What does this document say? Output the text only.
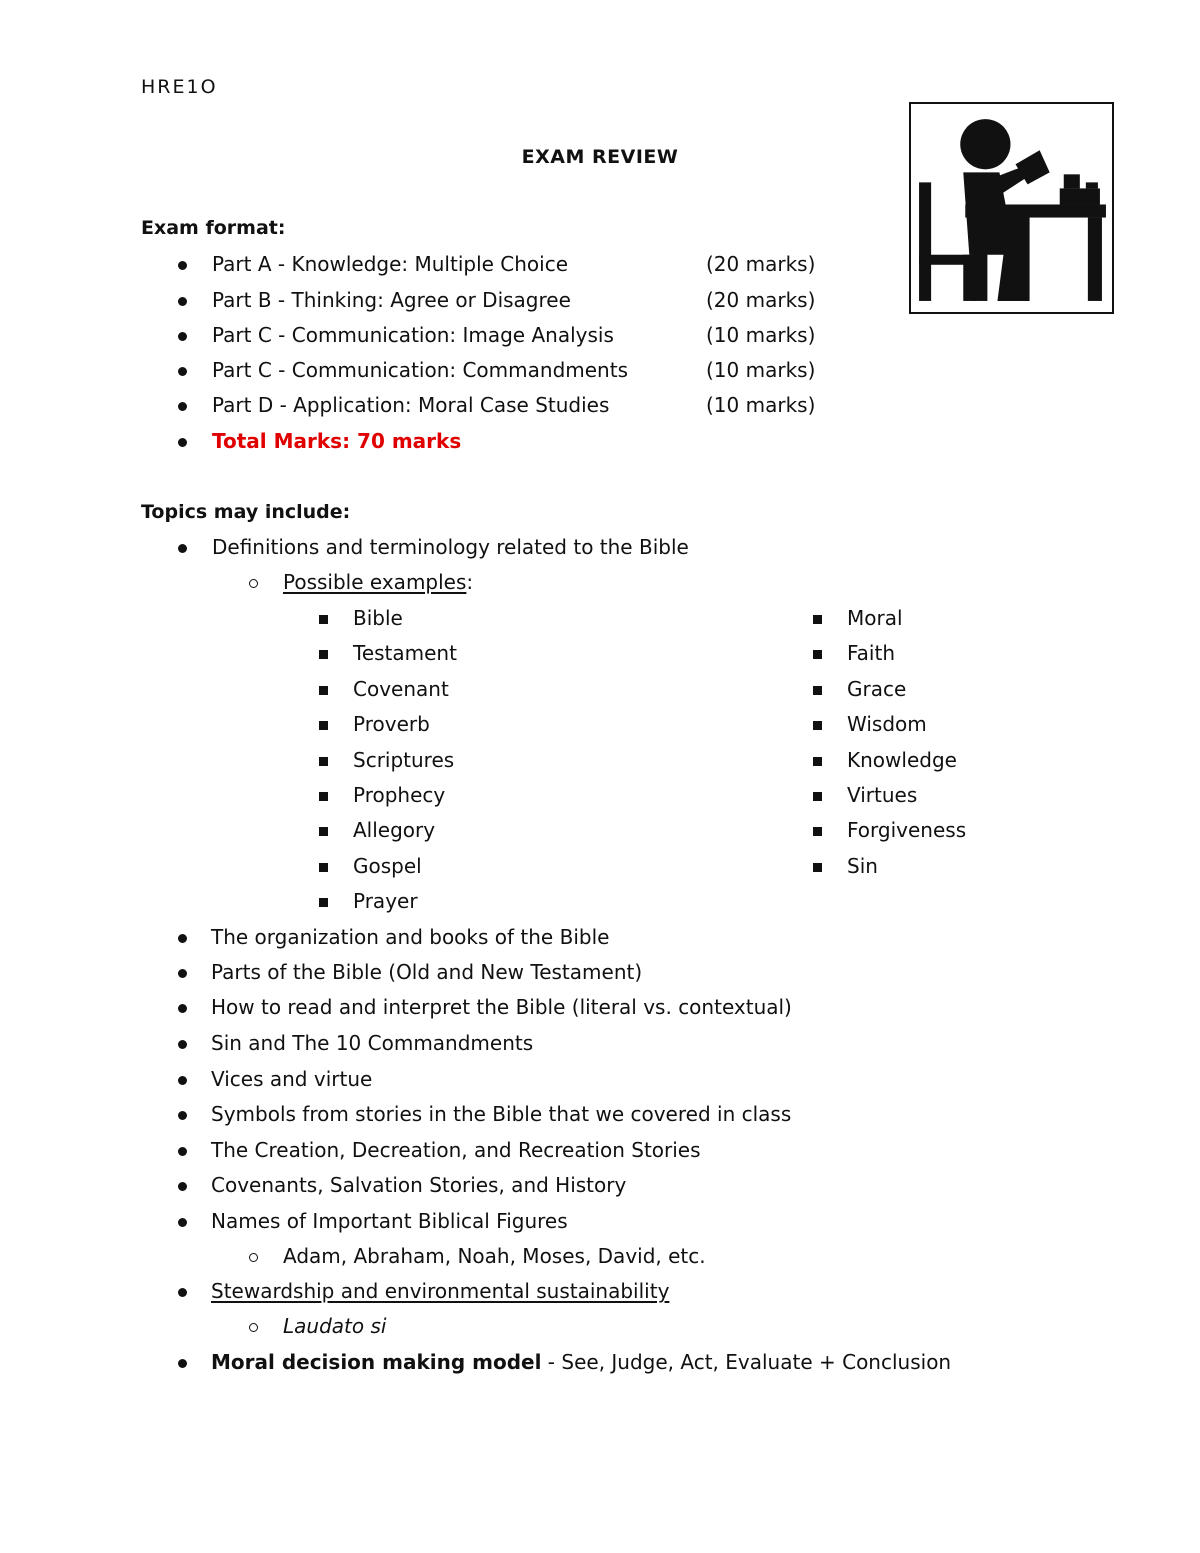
HRE1O
EXAM REVIEW
Exam format:
Part A - Knowledge: Multiple Choice	(20 marks)
Part B - Thinking: Agree or Disagree	(20 marks)
Part C - Communication: Image Analysis	(10 marks)
Part C - Communication: Commandments	(10 marks)
Part D - Application: Moral Case Studies	(10 marks)
Total Marks: 70 marks
Topics may include:
Definitions and terminology related to the Bible
Possible examples:
Bible
Testament
Covenant
Proverb
Scriptures
Prophecy
Allegory
Gospel
Prayer
Moral
Faith
Grace
Wisdom
Knowledge
Virtues
Forgiveness
Sin
The organization and books of the Bible
Parts of the Bible (Old and New Testament)
How to read and interpret the Bible (literal vs. contextual)
Sin and The 10 Commandments
Vices and virtue
Symbols from stories in the Bible that we covered in class
The Creation, Decreation, and Recreation Stories
Covenants, Salvation Stories, and History
Names of Important Biblical Figures
Adam, Abraham, Noah, Moses, David, etc.
Stewardship and environmental sustainability
Laudato si
Moral decision making model - See, Judge, Act, Evaluate + Conclusion
